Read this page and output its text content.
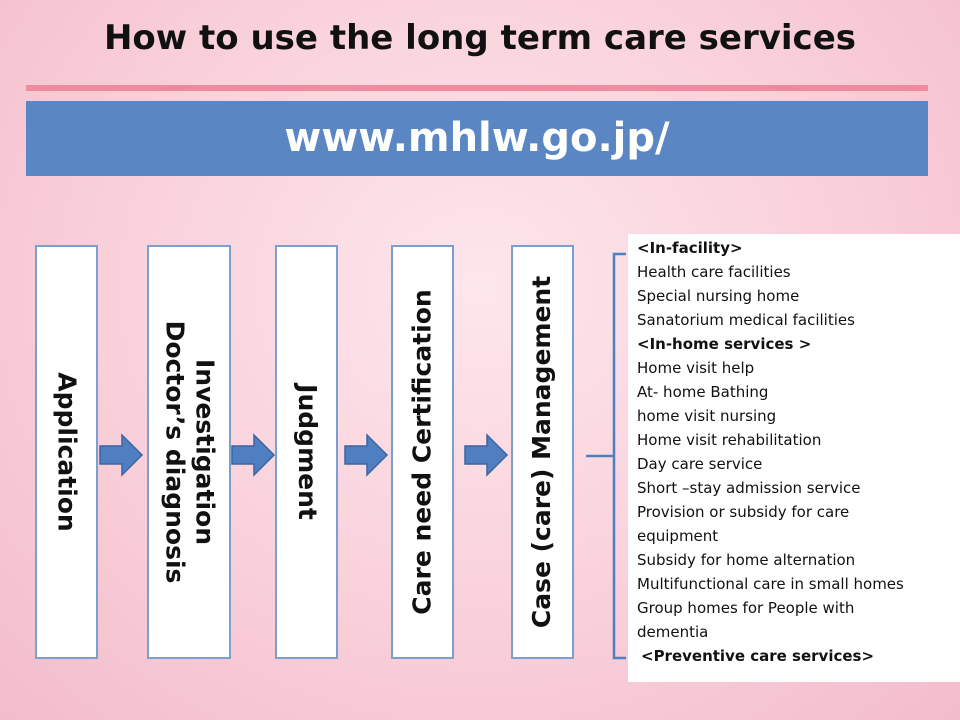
How to use the long term care services
www.mhlw.go.jp/
Application	Investigation
Doctor’s diagnosis	Judgment	Care need Certification	Case (care) Management
<In-facility>
Health care facilities
Special nursing home
Sanatorium medical facilities
<In-home services >
Home visit help
At- home Bathing
home visit nursing
Home visit rehabilitation
Day care service
Short –stay admission service
Provision or subsidy for care
equipment
Subsidy for home alternation
Multifunctional care in small homes
Group homes for People with
dementia
<Preventive care services>
